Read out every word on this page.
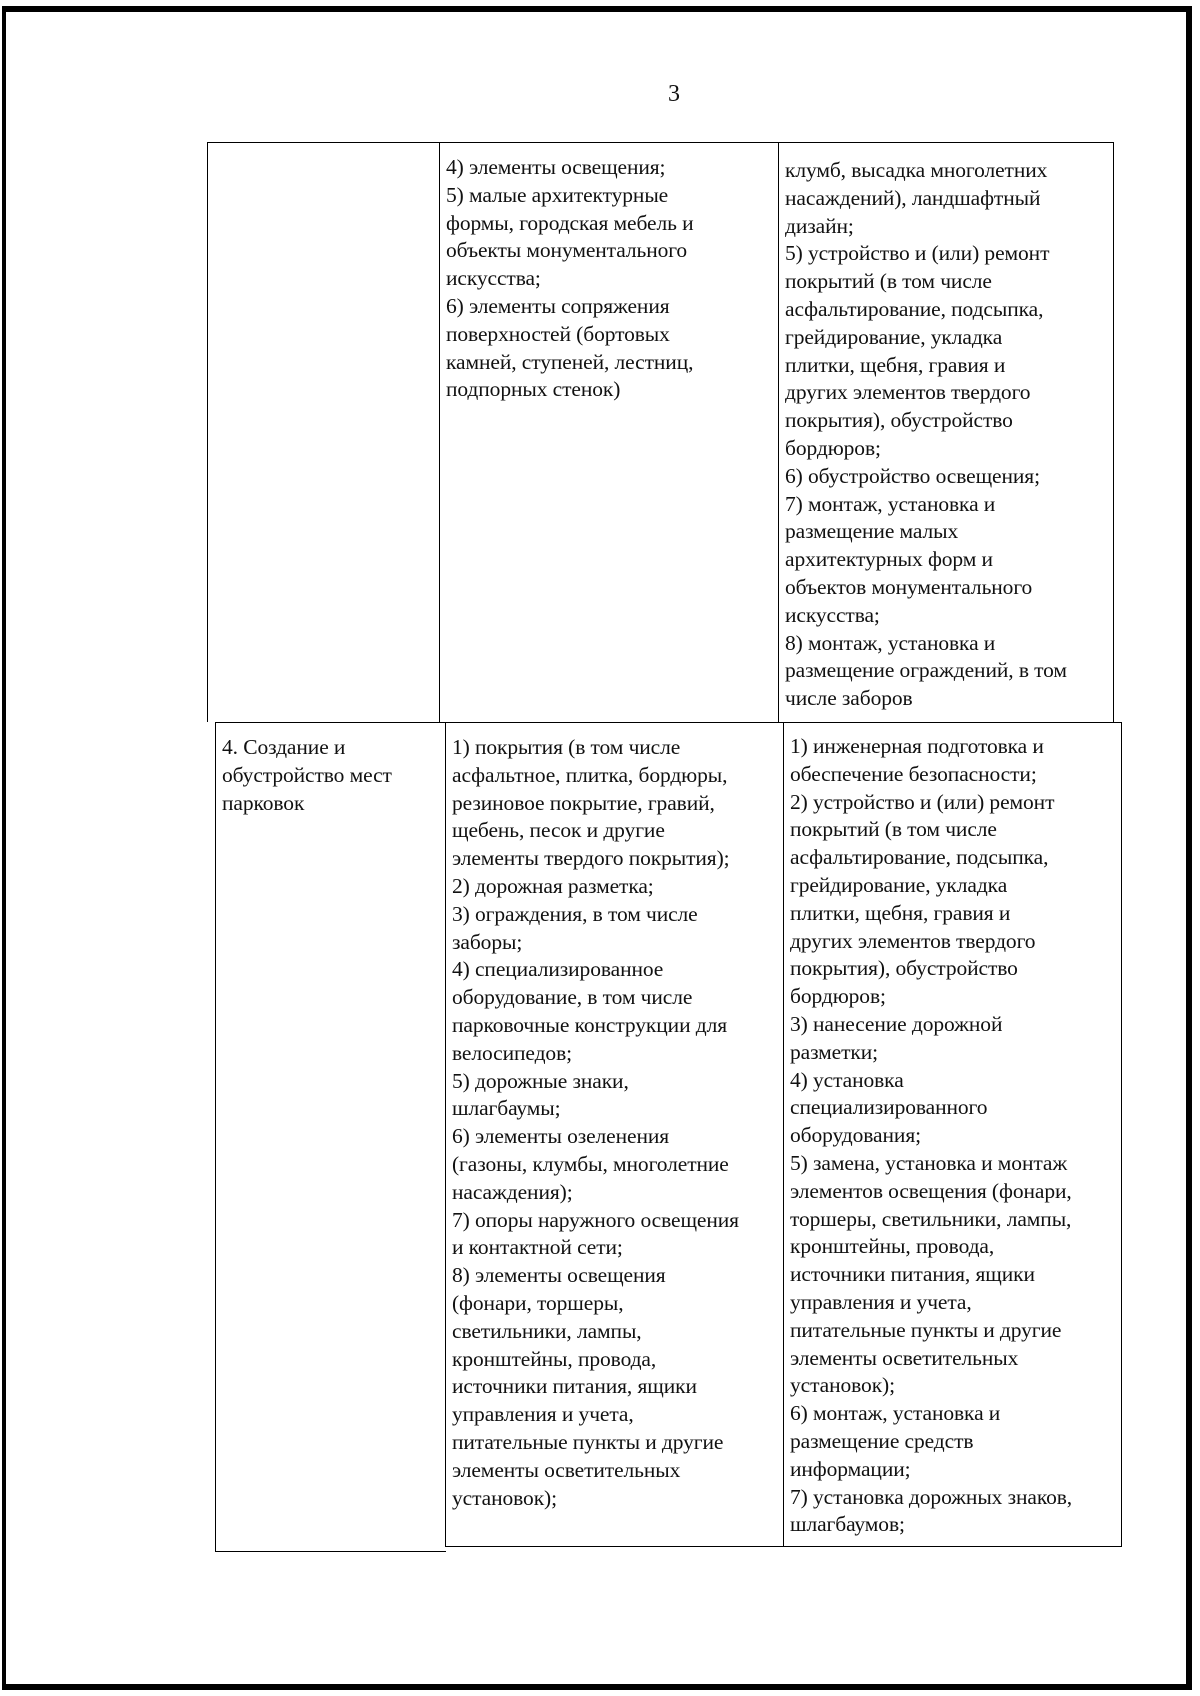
3
4) элементы освещения;
5) малые архитектурные
формы, городская мебель и
объекты монументального
искусства;
6) элементы сопряжения
поверхностей (бортовых
камней, ступеней, лестниц,
подпорных стенок)
клумб, высадка многолетних
насаждений), ландшафтный
дизайн;
5) устройство и (или) ремонт
покрытий (в том числе
асфальтирование, подсыпка,
грейдирование, укладка
плитки, щебня, гравия и
других элементов твердого
покрытия), обустройство
бордюров;
6) обустройство освещения;
7) монтаж, установка и
размещение малых
архитектурных форм и
объектов монументального
искусства;
8) монтаж, установка и
размещение ограждений, в том
числе заборов
4. Создание и
обустройство мест
парковок
1) покрытия (в том числе
асфальтное, плитка, бордюры,
резиновое покрытие, гравий,
щебень, песок и другие
элементы твердого покрытия);
2) дорожная разметка;
3) ограждения, в том числе
заборы;
4) специализированное
оборудование, в том числе
парковочные конструкции для
велосипедов;
5) дорожные знаки,
шлагбаумы;
6) элементы озеленения
(газоны, клумбы, многолетние
насаждения);
7) опоры наружного освещения
и контактной сети;
8) элементы освещения
(фонари, торшеры,
светильники, лампы,
кронштейны, провода,
источники питания, ящики
управления и учета,
питательные пункты и другие
элементы осветительных
установок);
1) инженерная подготовка и
обеспечение безопасности;
2) устройство и (или) ремонт
покрытий (в том числе
асфальтирование, подсыпка,
грейдирование, укладка
плитки, щебня, гравия и
других элементов твердого
покрытия), обустройство
бордюров;
3) нанесение дорожной
разметки;
4) установка
специализированного
оборудования;
5) замена, установка и монтаж
элементов освещения (фонари,
торшеры, светильники, лампы,
кронштейны, провода,
источники питания, ящики
управления и учета,
питательные пункты и другие
элементы осветительных
установок);
6) монтаж, установка и
размещение средств
информации;
7) установка дорожных знаков,
шлагбаумов;
